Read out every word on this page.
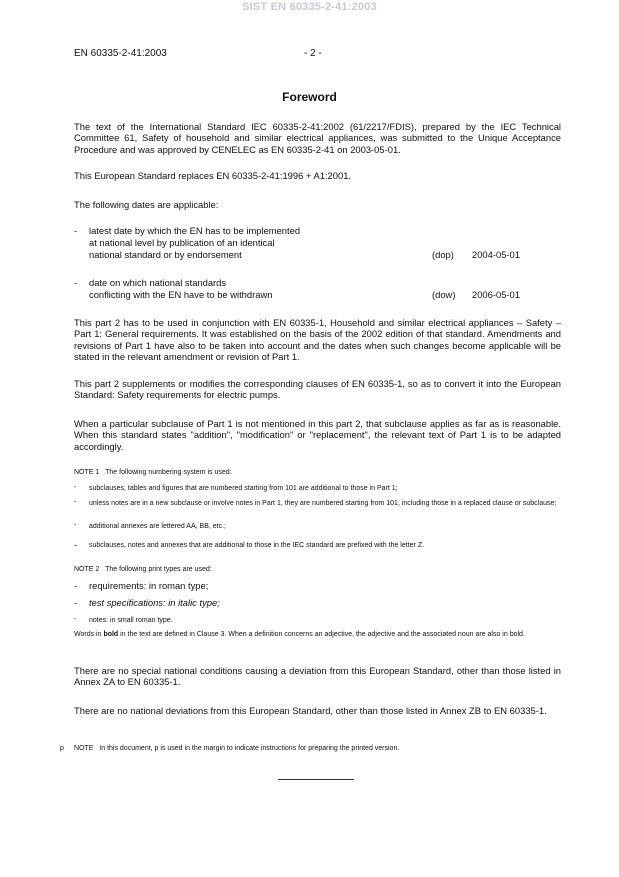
SIST EN 60335-2-41:2003
EN 60335-2-41:2003	- 2 -
Foreword
The text of the International Standard IEC 60335-2-41:2002 (61/2217/FDIS), prepared by the IEC Technical Committee 61, Safety of household and similar electrical appliances, was submitted to the Unique Acceptance Procedure and was approved by CENELEC as EN 60335-2-41 on 2003-05-01.
This European Standard replaces EN 60335-2-41:1996 + A1:2001.
The following dates are applicable:
- latest date by which the EN has to be implemented
at national level by publication of an identical
national standard or by endorsement	(dop) 2004-05-01
- date on which national standards
conflicting with the EN have to be withdrawn	(dow) 2006-05-01
This part 2 has to be used in conjunction with EN 60335-1, Household and similar electrical appliances – Safety – Part 1: General requirements. It was established on the basis of the 2002 edition of that standard. Amendments and revisions of Part 1 have also to be taken into account and the dates when such changes become applicable will be stated in the relevant amendment or revision of Part 1.
This part 2 supplements or modifies the corresponding clauses of EN 60335-1, so as to convert it into the European Standard: Safety requirements for electric pumps.
When a particular subclause of Part 1 is not mentioned in this part 2, that subclause applies as far as is reasonable. When this standard states "addition", "modification" or "replacement", the relevant text of Part 1 is to be adapted accordingly.
NOTE 1 The following numbering system is used:
- subclauses, tables and figures that are numbered starting from 101 are additional to those in Part 1;
- unless notes are in a new subclause or involve notes in Part 1, they are numbered starting from 101, including those in a replaced clause or subclause;
- additional annexes are lettered AA, BB, etc.;
- subclauses, notes and annexes that are additional to those in the IEC standard are prefixed with the letter Z.
NOTE 2 The following print types are used:
- requirements: in roman type;
- test specifications: in italic type;
- notes: in small roman type.
Words in bold in the text are defined in Clause 3. When a definition concerns an adjective, the adjective and the associated noun are also in bold.
There are no special national conditions causing a deviation from this European Standard, other than those listed in Annex ZA to EN 60335-1.
There are no national deviations from this European Standard, other than those listed in Annex ZB to EN 60335-1.
p NOTE In this document, p is used in the margin to indicate instructions for preparing the printed version.
